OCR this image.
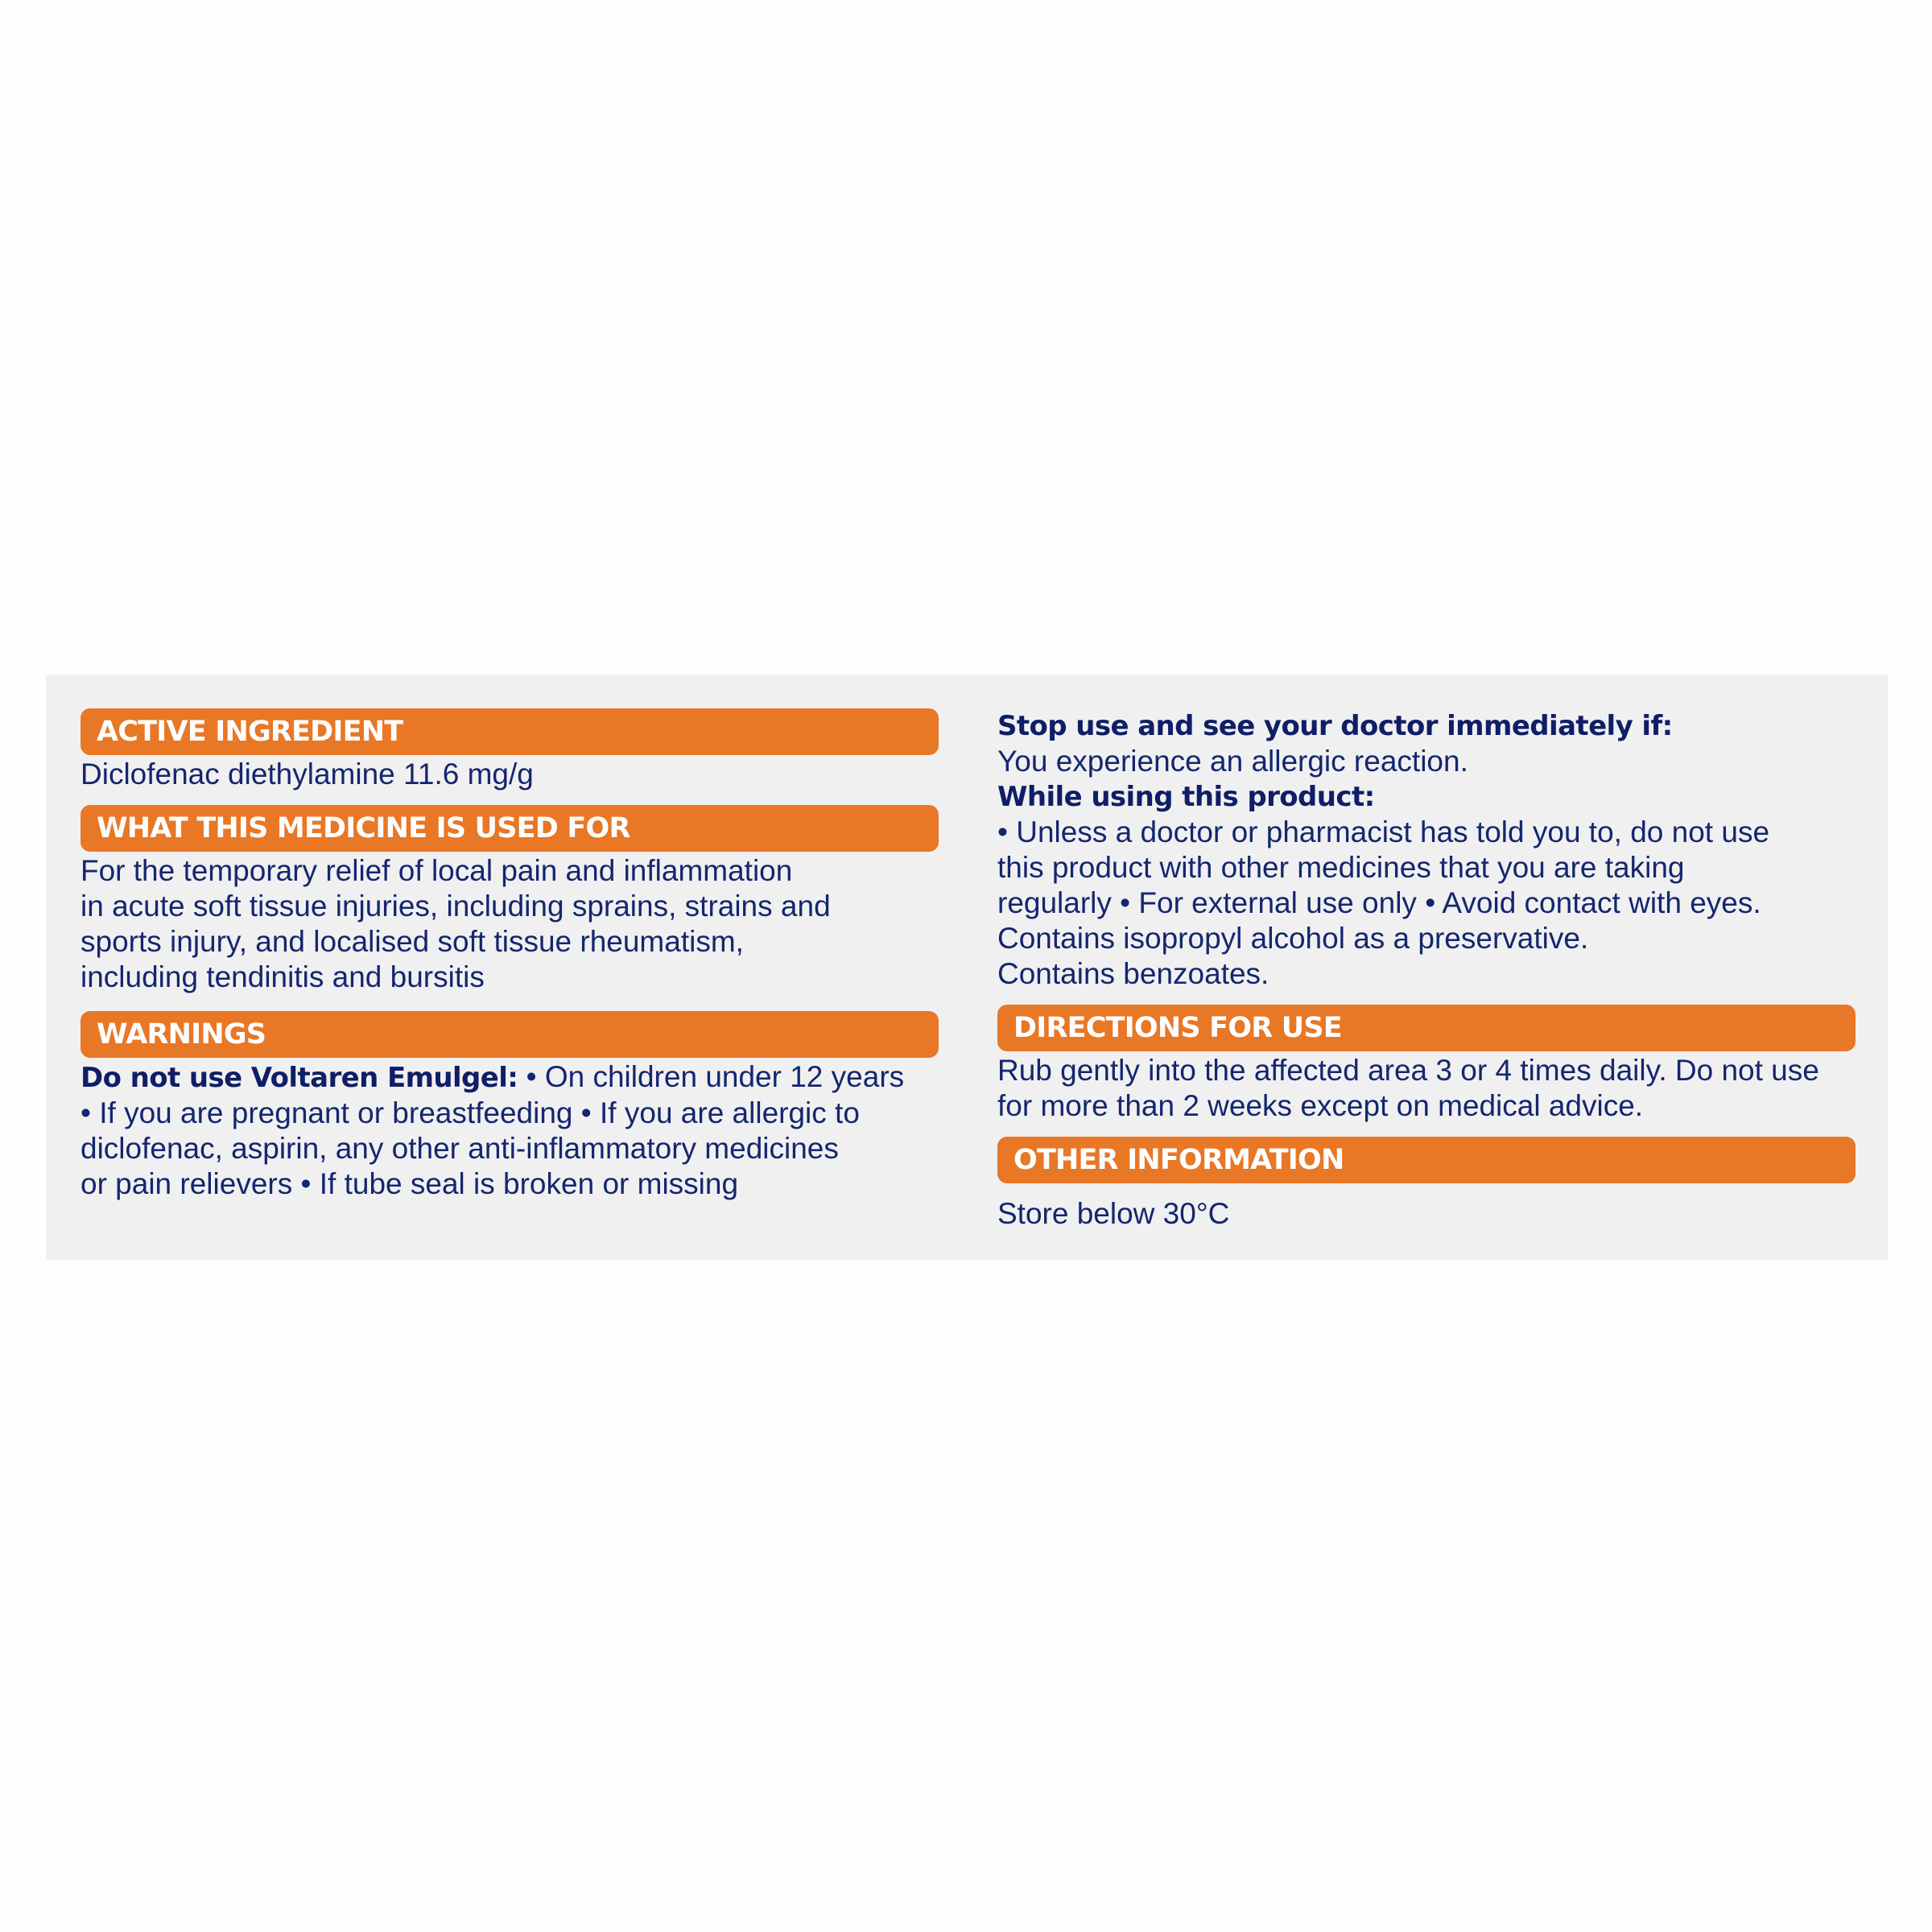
ACTIVE INGREDIENT
Diclofenac diethylamine 11.6 mg/g
WHAT THIS MEDICINE IS USED FOR
For the temporary relief of local pain and inflammation
in acute soft tissue injuries, including sprains, strains and
sports injury, and localised soft tissue rheumatism,
including tendinitis and bursitis
WARNINGS
Do not use Voltaren Emulgel: • On children under 12 years
• If you are pregnant or breastfeeding • If you are allergic to
diclofenac, aspirin, any other anti-inflammatory medicines
or pain relievers • If tube seal is broken or missing
Stop use and see your doctor immediately if:
You experience an allergic reaction.
While using this product:
• Unless a doctor or pharmacist has told you to, do not use
this product with other medicines that you are taking
regularly • For external use only • Avoid contact with eyes.
Contains isopropyl alcohol as a preservative.
Contains benzoates.
DIRECTIONS FOR USE
Rub gently into the affected area 3 or 4 times daily. Do not use
for more than 2 weeks except on medical advice.
OTHER INFORMATION
Store below 30°C
